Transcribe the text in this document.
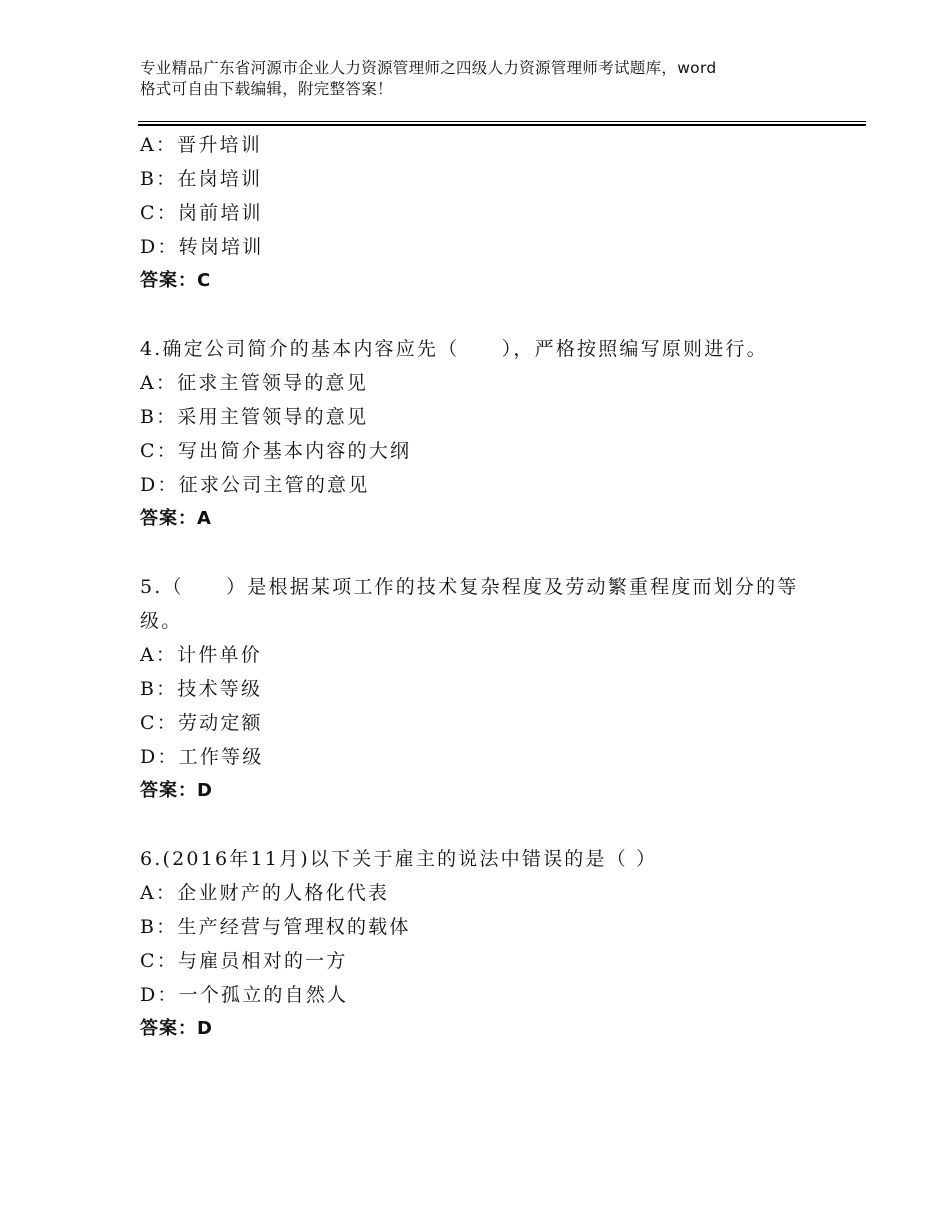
专业精品广东省河源市企业人力资源管理师之四级人力资源管理师考试题库，word
格式可自由下载编辑，附完整答案！
A：晋升培训
B：在岗培训
C：岗前培训
D：转岗培训
答案：C
4.确定公司简介的基本内容应先（　　），严格按照编写原则进行。
A：征求主管领导的意见
B：采用主管领导的意见
C：写出简介基本内容的大纲
D：征求公司主管的意见
答案：A
5.（　　）是根据某项工作的技术复杂程度及劳动繁重程度而划分的等级。
A：计件单价
B：技术等级
C：劳动定额
D：工作等级
答案：D
6.(2016年11月)以下关于雇主的说法中错误的是（ ）
A：企业财产的人格化代表
B：生产经营与管理权的载体
C：与雇员相对的一方
D：一个孤立的自然人
答案：D
